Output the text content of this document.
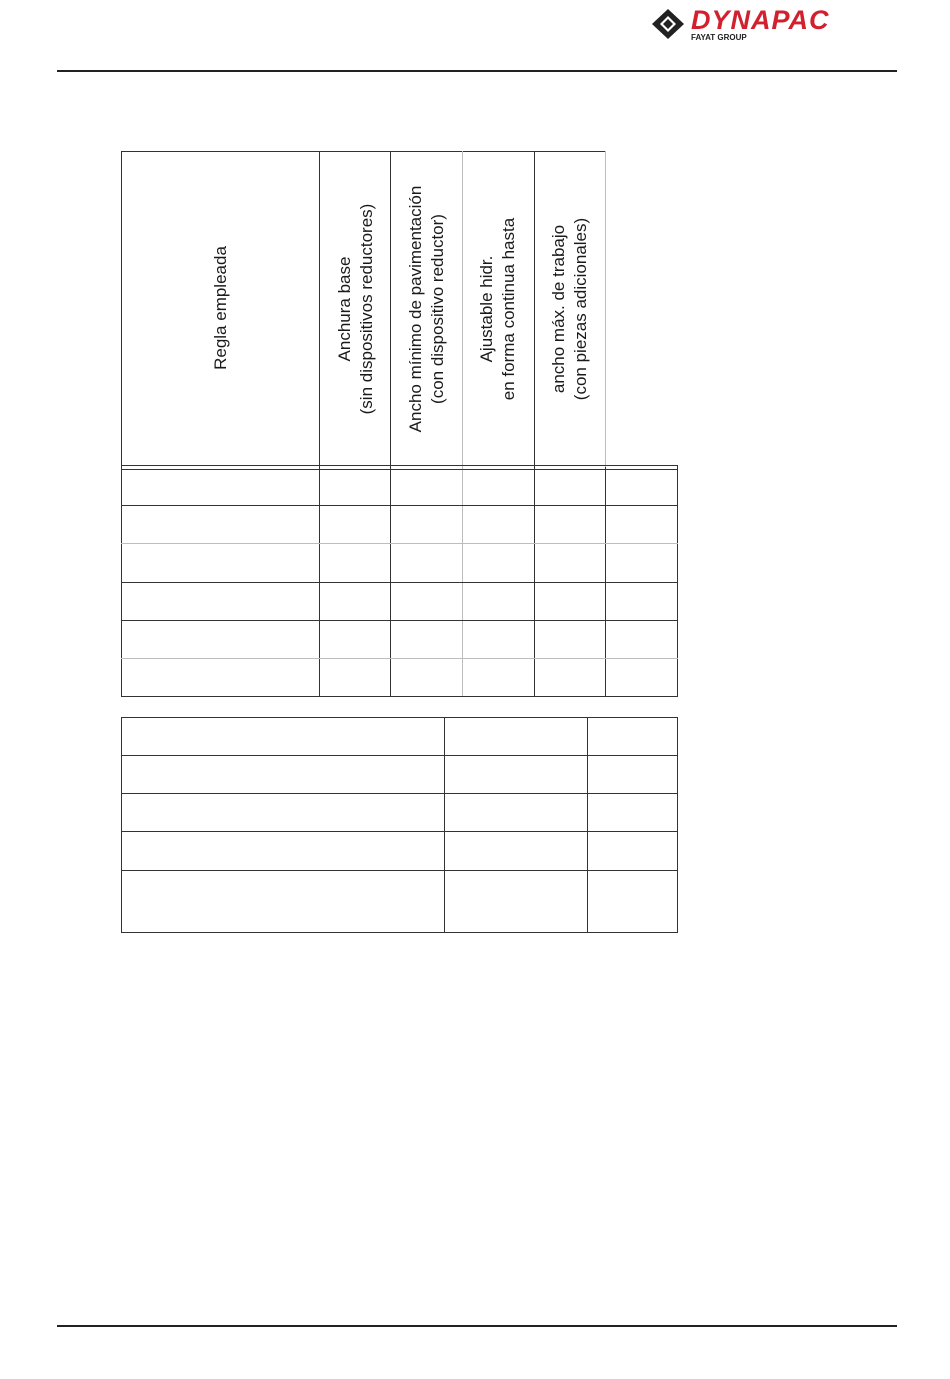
DYNAPAC
FAYAT GROUP
Regla empleada	Anchura base
(sin dispositivos reductores)
Ancho mínimo de pavimentación
(con dispositivo reductor)
Ajustable hidr.
en forma continua hasta
ancho máx. de trabajo
(con piezas adicionales)
